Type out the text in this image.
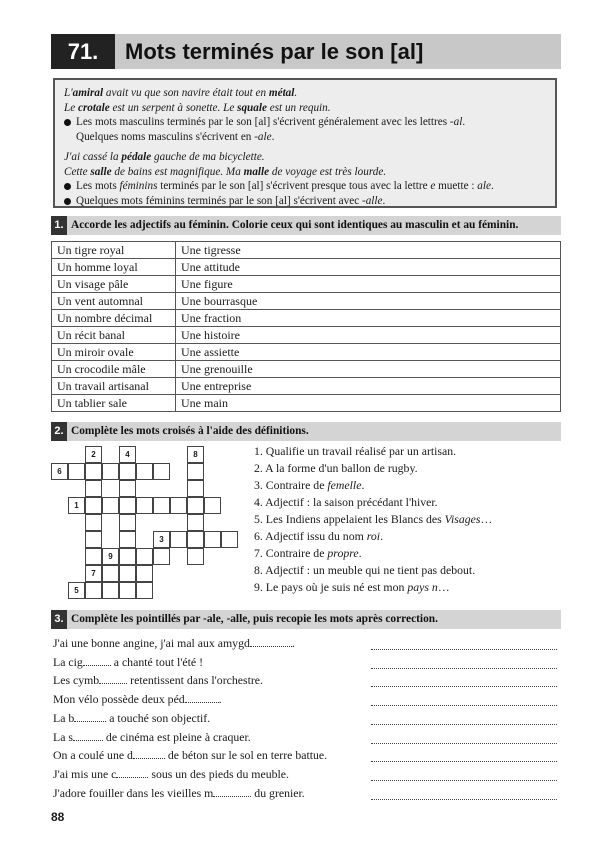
71.	Mots terminés par le son [al]

L'amiral avait vu que son navire était tout en métal.

Le crotale est un serpent à sonette. Le squale est un requin.

Les mots masculins terminés par le son [al] s'écrivent généralement avec les lettres -al.
Quelques noms masculins s'écrivent en -ale.

J'ai cassé la pédale gauche de ma bicyclette.

Cette salle de bains est magnifique. Ma malle de voyage est très lourde.

Les mots féminins terminés par le son [al] s'écrivent presque tous avec la lettre e muette : ale.

Quelques mots féminins terminés par le son [al] s'écrivent avec -alle.

1. Accorde les adjectifs au féminin. Colorie ceux qui sont identiques au masculin et au féminin.
Un tigre royal	Une tigresse
Un homme loyal	Une attitude
Un visage pâle	Une figure
Un vent automnal	Une bourrasque
Un nombre décimal	Une fraction
Un récit banal	Une histoire
Un miroir ovale	Une assiette
Un crocodile mâle	Une grenouille
Un travail artisanal	Une entreprise
Un tablier sale	Une main
2. Complète les mots croisés à l'aide des définitions.
2	4	8
6
1
3
9
7
5
1. Qualifie un travail réalisé par un artisan.
2. A la forme d'un ballon de rugby.
3. Contraire de femelle.
4. Adjectif : la saison précédant l'hiver.
5. Les Indiens appelaient les Blancs des Visages…
6. Adjectif issu du nom roi.
7. Contraire de propre.
8. Adjectif : un meuble qui ne tient pas debout.
9. Le pays où je suis né est mon pays n…
3. Complète les pointillés par -ale, -alle, puis recopie les mots après correction.
J'ai une bonne angine, j'ai mal aux amygd	.
La cig a chanté tout l'été !
Les cymb retentissent dans l'orchestre.
Mon vélo possède deux péd	.
La b	a touché son objectif.
La s	de cinéma est pleine à craquer.
On a coulé une d	de béton sur le sol en terre battue.
J'ai mis une c	sous un des pieds du meuble.
J'adore fouiller dans les vieilles m	du grenier.
88
